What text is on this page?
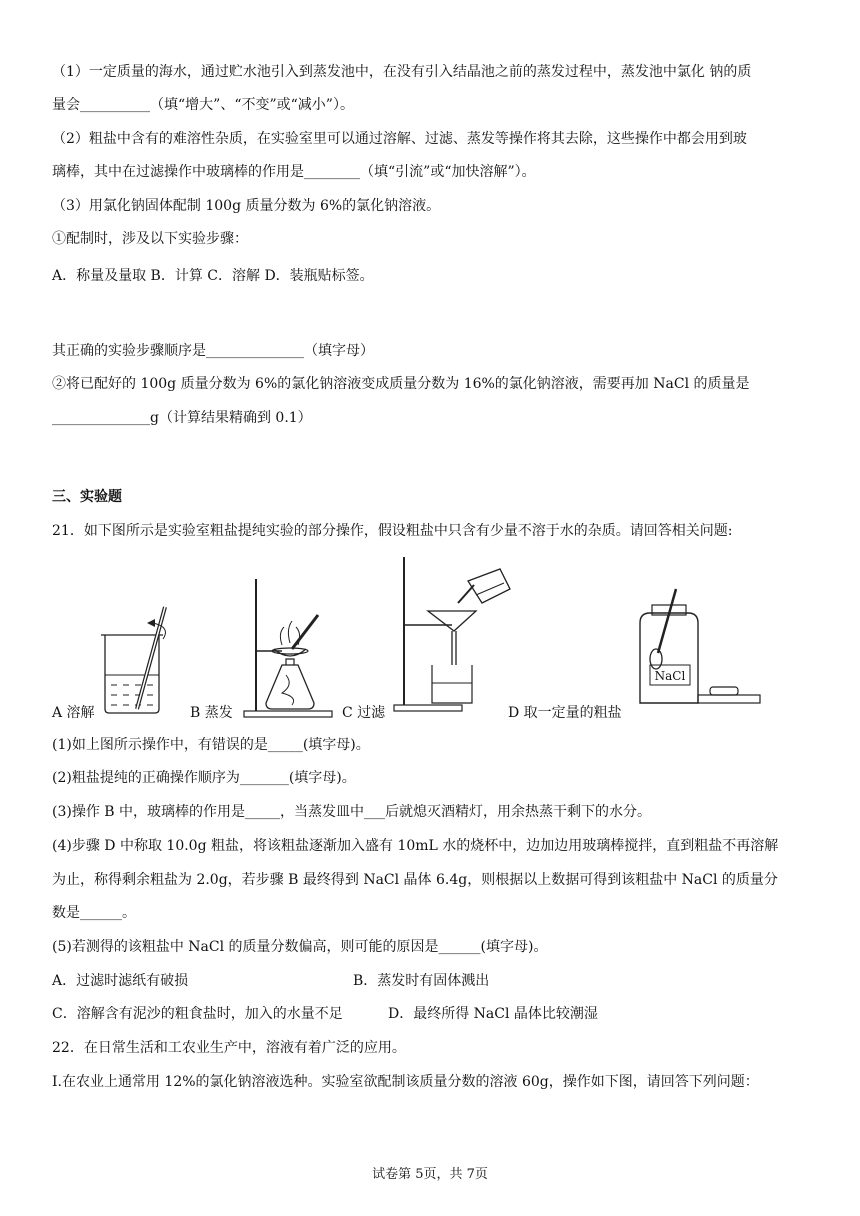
（1）一定质量的海水，通过贮水池引入到蒸发池中，在没有引入结晶池之前的蒸发过程中，蒸发池中氯化 钠的质
量会__________（填“增大”、“不变”或“减小”）。
（2）粗盐中含有的难溶性杂质，在实验室里可以通过溶解、过滤、蒸发等操作将其去除，这些操作中都会用到玻
璃棒，其中在过滤操作中玻璃棒的作用是________（填“引流”或“加快溶解”）。
（3）用氯化钠固体配制 100g 质量分数为 6%的氯化钠溶液。
①配制时，涉及以下实验步骤：
A．称量及量取 B．计算 C．溶解 D．装瓶贴标签。
其正确的实验步骤顺序是______________（填字母）
②将已配好的 100g 质量分数为 6%的氯化钠溶液变成质量分数为 16%的氯化钠溶液，需要再加 NaCl 的质量是
______________g（计算结果精确到 0.1）
三、实验题
21．如下图所示是实验室粗盐提纯实验的部分操作，假设粗盐中只含有少量不溶于水的杂质。请回答相关问题:
NaCl
A 溶解	B 蒸发	C 过滤	D 取一定量的粗盐
(1)如上图所示操作中，有错误的是_____(填字母)。
(2)粗盐提纯的正确操作顺序为_______(填字母)。
(3)操作 B 中，玻璃棒的作用是_____，当蒸发皿中___后就熄灭酒精灯，用余热蒸干剩下的水分。
(4)步骤 D 中称取 10.0g 粗盐，将该粗盐逐渐加入盛有 10mL 水的烧杯中，边加边用玻璃棒搅拌，直到粗盐不再溶解
为止，称得剩余粗盐为 2.0g，若步骤 B 最终得到 NaCl 晶体 6.4g，则根据以上数据可得到该粗盐中 NaCl 的质量分
数是______。
(5)若测得的该粗盐中 NaCl 的质量分数偏高，则可能的原因是______(填字母)。
A．过滤时滤纸有破损	B．蒸发时有固体溅出
C．溶解含有泥沙的粗食盐时，加入的水量不足	D．最终所得 NaCl 晶体比较潮湿
22．在日常生活和工农业生产中，溶液有着广泛的应用。
I.在农业上通常用 12%的氯化钠溶液选种。实验室欲配制该质量分数的溶液 60g，操作如下图，请回答下列问题：
试卷第 5页，共 7页
